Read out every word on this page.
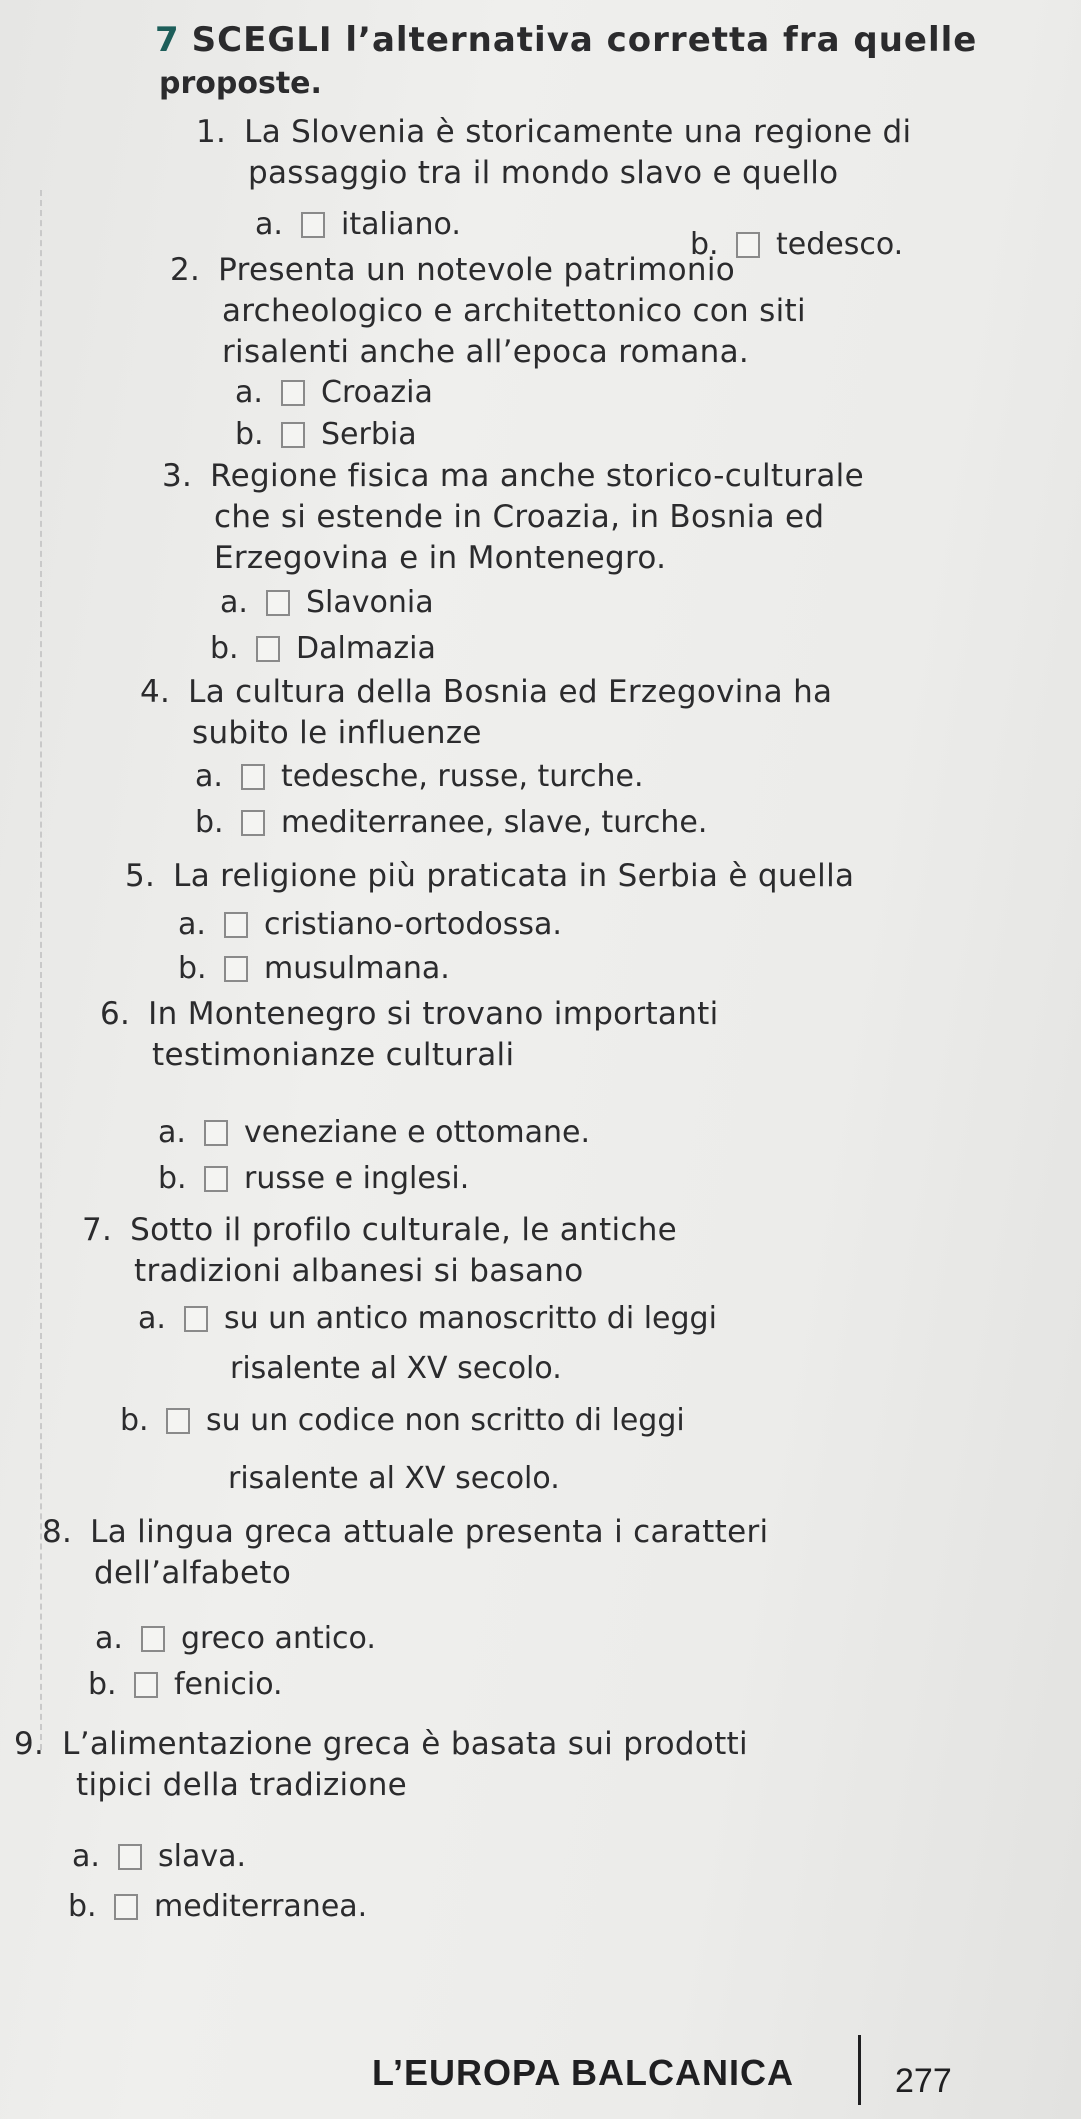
7 SCEGLI l’alternativa corretta fra quelle
proposte.
1. La Slovenia è storicamente una regione di
passaggio tra il mondo slavo e quello
a.	italiano.
b.	tedesco.
2. Presenta un notevole patrimonio
archeologico e architettonico con siti
risalenti anche all’epoca romana.
a.	Croazia
b.	Serbia
3. Regione fisica ma anche storico-culturale
che si estende in Croazia, in Bosnia ed
Erzegovina e in Montenegro.
a.	Slavonia
b.	Dalmazia
4. La cultura della Bosnia ed Erzegovina ha
subito le influenze
a.	tedesche, russe, turche.
b.	mediterranee, slave, turche.
5. La religione più praticata in Serbia è quella
a.	cristiano-ortodossa.
b.	musulmana.
6. In Montenegro si trovano importanti
testimonianze culturali
a.	veneziane e ottomane.
b.	russe e inglesi.
7. Sotto il profilo culturale, le antiche
tradizioni albanesi si basano
a.	su un antico manoscritto di leggi
risalente al XV secolo.
b.	su un codice non scritto di leggi
risalente al XV secolo.
8. La lingua greca attuale presenta i caratteri
dell’alfabeto
a.	greco antico.
b.	fenicio.
9. L’alimentazione greca è basata sui prodotti
tipici della tradizione
a.	slava.
b.	mediterranea.
L’EUROPA BALCANICA	277
